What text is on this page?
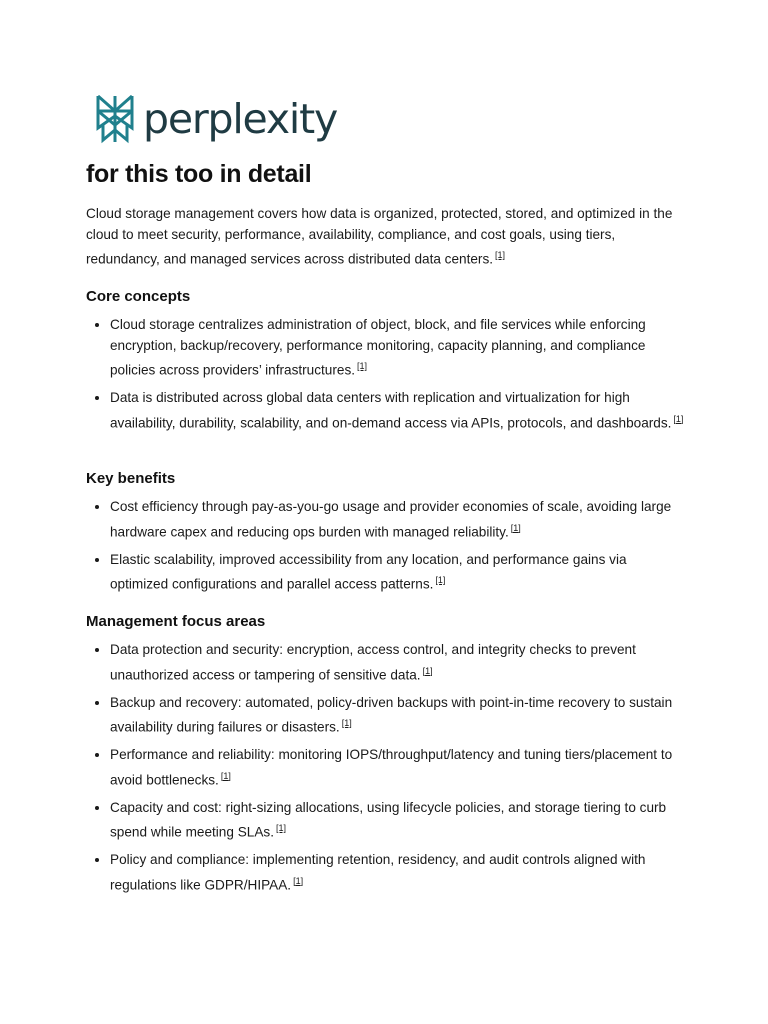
perplexity
for this too in detail

Cloud storage management covers how data is organized, protected, stored, and optimized in the cloud to meet security, performance, availability, compliance, and cost goals, using tiers, redundancy, and managed services across distributed data centers. [1]

Core concepts
• Cloud storage centralizes administration of object, block, and file services while enforcing encryption, backup/recovery, performance monitoring, capacity planning, and compliance policies across providers’ infrastructures. [1]
• Data is distributed across global data centers with replication and virtualization for high availability, durability, scalability, and on-demand access via APIs, protocols, and dashboards. [1]
Key benefits
• Cost efficiency through pay-as-you-go usage and provider economies of scale, avoiding large hardware capex and reducing ops burden with managed reliability. [1]
• Elastic scalability, improved accessibility from any location, and performance gains via optimized configurations and parallel access patterns. [1]
Management focus areas
• Data protection and security: encryption, access control, and integrity checks to prevent unauthorized access or tampering of sensitive data. [1]
• Backup and recovery: automated, policy-driven backups with point-in-time recovery to sustain availability during failures or disasters. [1]
• Performance and reliability: monitoring IOPS/throughput/latency and tuning tiers/placement to avoid bottlenecks. [1]
• Capacity and cost: right-sizing allocations, using lifecycle policies, and storage tiering to curb spend while meeting SLAs. [1]
• Policy and compliance: implementing retention, residency, and audit controls aligned with regulations like GDPR/HIPAA. [1]
